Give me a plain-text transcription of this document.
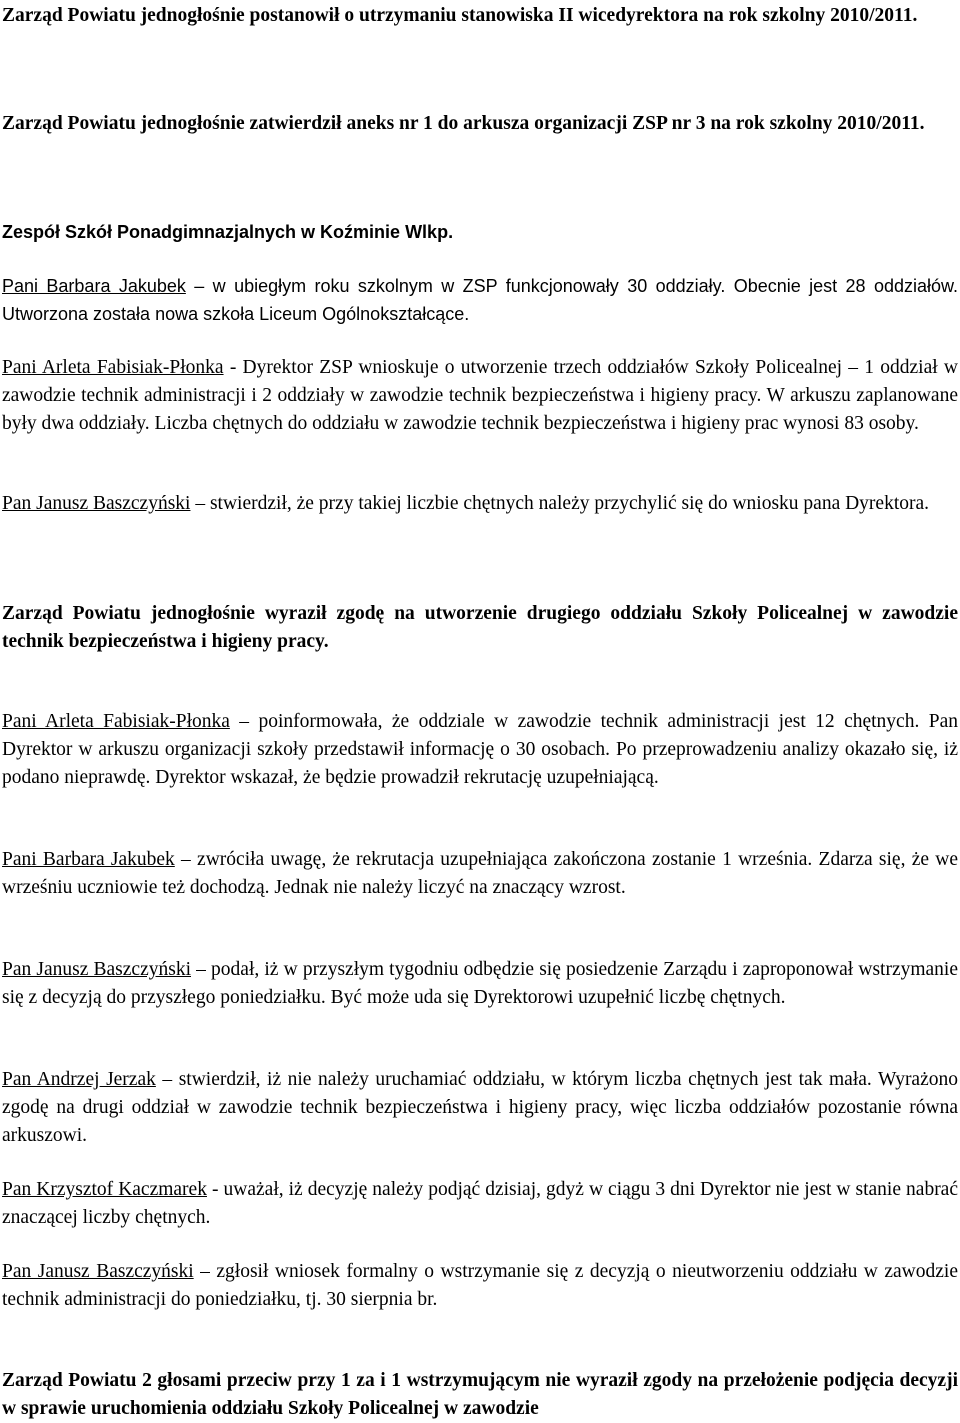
Zarząd Powiatu jednogłośnie postanowił o utrzymaniu stanowiska II wicedyrektora na rok szkolny 2010/2011.

Zarząd Powiatu jednogłośnie zatwierdził aneks nr 1 do arkusza organizacji ZSP nr 3 na rok szkolny 2010/2011.

Zespół Szkół Ponadgimnazjalnych w Koźminie Wlkp.

Pani Barbara Jakubek – w ubiegłym roku szkolnym w ZSP funkcjonowały 30 oddziały. Obecnie jest 28 oddziałów. Utworzona została nowa szkoła Liceum Ogólnokształcące.

Pani Arleta Fabisiak-Płonka - Dyrektor ZSP wnioskuje o utworzenie trzech oddziałów Szkoły Policealnej – 1 oddział w zawodzie technik administracji i 2 oddziały w zawodzie technik bezpieczeństwa i higieny pracy. W arkuszu zaplanowane były dwa oddziały. Liczba chętnych do oddziału w zawodzie technik bezpieczeństwa i higieny prac wynosi 83 osoby.

Pan Janusz Baszczyński – stwierdził, że przy takiej liczbie chętnych należy przychylić się do wniosku pana Dyrektora.

Zarząd Powiatu jednogłośnie wyraził zgodę na utworzenie drugiego oddziału Szkoły Policealnej w zawodzie technik bezpieczeństwa i higieny pracy.

Pani Arleta Fabisiak-Płonka – poinformowała, że oddziale w zawodzie technik administracji jest 12 chętnych. Pan Dyrektor w arkuszu organizacji szkoły przedstawił informację o 30 osobach. Po przeprowadzeniu analizy okazało się, iż podano nieprawdę. Dyrektor wskazał, że będzie prowadził rekrutację uzupełniającą.

Pani Barbara Jakubek – zwróciła uwagę, że rekrutacja uzupełniająca zakończona zostanie 1 września. Zdarza się, że we wrześniu uczniowie też dochodzą. Jednak nie należy liczyć na znaczący wzrost.

Pan Janusz Baszczyński – podał, iż w przyszłym tygodniu odbędzie się posiedzenie Zarządu i zaproponował wstrzymanie się z decyzją do przyszłego poniedziałku. Być może uda się Dyrektorowi uzupełnić liczbę chętnych.

Pan Andrzej Jerzak – stwierdził, iż nie należy uruchamiać oddziału, w którym liczba chętnych jest tak mała. Wyrażono zgodę na drugi oddział w zawodzie technik bezpieczeństwa i higieny pracy, więc liczba oddziałów pozostanie równa arkuszowi.

Pan Krzysztof Kaczmarek - uważał, iż decyzję należy podjąć dzisiaj, gdyż w ciągu 3 dni Dyrektor nie jest w stanie nabrać znaczącej liczby chętnych.

Pan Janusz Baszczyński – zgłosił wniosek formalny o wstrzymanie się z decyzją o nieutworzeniu oddziału w zawodzie technik administracji do poniedziałku, tj. 30 sierpnia br.

Zarząd Powiatu 2 głosami przeciw przy 1 za i 1 wstrzymującym nie wyraził zgody na przełożenie podjęcia decyzji w sprawie uruchomienia oddziału Szkoły Policealnej w zawodzie
